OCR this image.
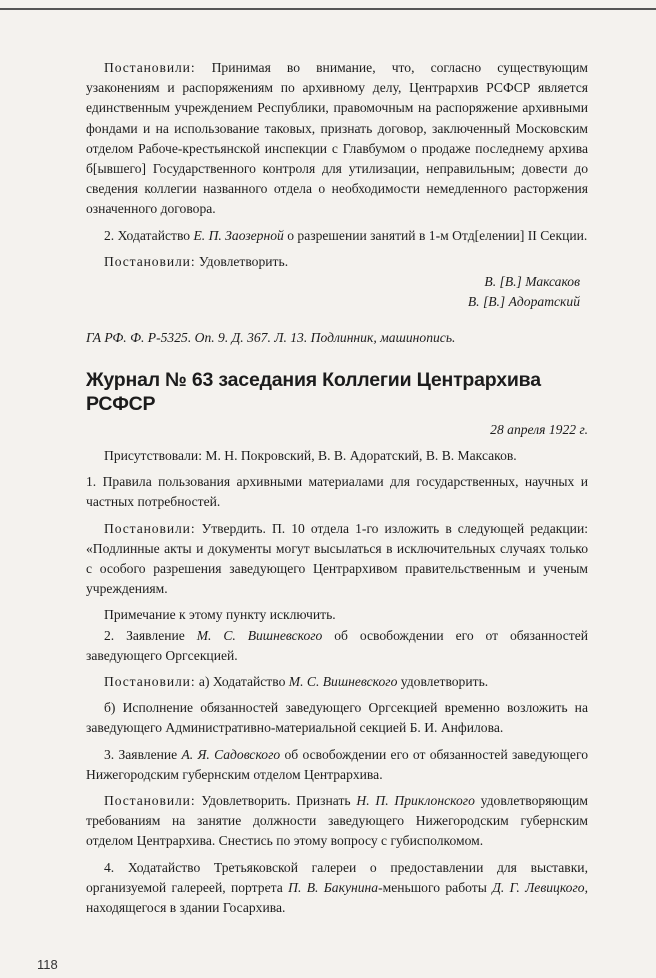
Постановили: Принимая во внимание, что, согласно существующим узаконениям и распоряжениям по архивному делу, Центрархив РСФСР является единственным учреждением Республики, правомочным на распоряжение архивными фондами и на использование таковых, признать договор, заключенный Московским отделом Рабоче-крестьянской инспекции с Главбумом о продаже последнему архива б[ывшего] Государственного контроля для утилизации, неправильным; довести до сведения коллегии названного отдела о необходимости немедленного расторжения означенного договора.

2. Ходатайство Е. П. Заозерной о разрешении занятий в 1-м Отд[елении] II Секции.

Постановили: Удовлетворить.

В. [В.] Максаков

В. [В.] Адоратский

ГА РФ. Ф. Р-5325. Оп. 9. Д. 367. Л. 13. Подлинник, машинопись.

Журнал № 63 заседания Коллегии Центрархива РСФСР

28 апреля 1922 г.

Присутствовали: М. Н. Покровский, В. В. Адоратский, В. В. Максаков.

1. Правила пользования архивными материалами для государственных, научных и частных потребностей.

Постановили: Утвердить. П. 10 отдела 1-го изложить в следующей редакции: «Подлинные акты и документы могут высылаться в исключительных случаях только с особого разрешения заведующего Центрархивом правительственным и ученым учреждениям.

Примечание к этому пункту исключить.

2. Заявление М. С. Вишневского об освобождении его от обязанностей заведующего Оргсекцией.

Постановили: а) Ходатайство М. С. Вишневского удовлетворить.

б) Исполнение обязанностей заведующего Оргсекцией временно возложить на заведующего Административно-материальной секцией Б. И. Анфилова.

3. Заявление А. Я. Садовского об освобождении его от обязанностей заведующего Нижегородским губернским отделом Центрархива.

Постановили: Удовлетворить. Признать Н. П. Приклонского удовлетворяющим требованиям на занятие должности заведующего Нижегородским губернским отделом Центрархива. Снестись по этому вопросу с губисполкомом.

4. Ходатайство Третьяковской галереи о предоставлении для выставки, организуемой галереей, портрета П. В. Бакунина-меньшого работы Д. Г. Левицкого, находящегося в здании Госархива.

118
